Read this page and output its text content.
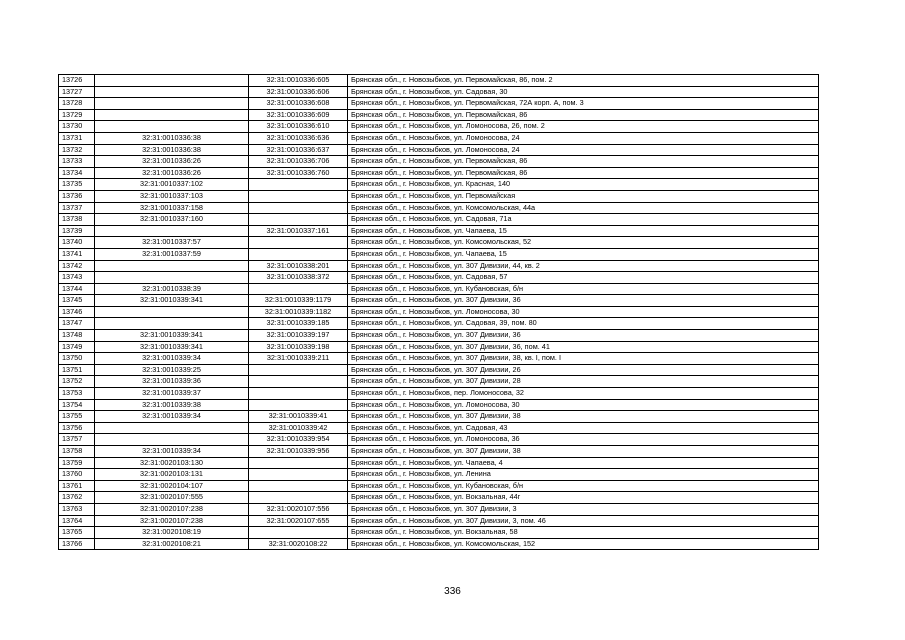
13726		32:31:0010336:605	Брянская обл., г. Новозыбков, ул. Первомайская, 86, пом. 2
13727		32:31:0010336:606	Брянская обл., г. Новозыбков, ул. Садовая, 30
13728		32:31:0010336:608	Брянская обл., г. Новозыбков, ул. Первомайская, 72А корп. А, пом. 3
13729		32:31:0010336:609	Брянская обл., г. Новозыбков, ул. Первомайская, 86
13730		32:31:0010336:610	Брянская обл., г. Новозыбков, ул. Ломоносова, 26, пом. 2
13731	32:31:0010336:38	32:31:0010336:636	Брянская обл., г. Новозыбков, ул. Ломоносова, 24
13732	32:31:0010336:38	32:31:0010336:637	Брянская обл., г. Новозыбков, ул. Ломоносова, 24
13733	32:31:0010336:26	32:31:0010336:706	Брянская обл., г. Новозыбков, ул. Первомайская, 86
13734	32:31:0010336:26	32:31:0010336:760	Брянская обл., г. Новозыбков, ул. Первомайская, 86
13735	32:31:0010337:102		Брянская обл., г. Новозыбков, ул. Красная, 140
13736	32:31:0010337:103		Брянская обл., г. Новозыбков, ул. Первомайская
13737	32:31:0010337:158		Брянская обл., г. Новозыбков, ул. Комсомольская, 44а
13738	32:31:0010337:160		Брянская обл., г. Новозыбков, ул. Садовая, 71а
13739		32:31:0010337:161	Брянская обл., г. Новозыбков, ул. Чапаева, 15
13740	32:31:0010337:57		Брянская обл., г. Новозыбков, ул. Комсомольская, 52
13741	32:31:0010337:59		Брянская обл., г. Новозыбков, ул. Чапаева, 15
13742		32:31:0010338:201	Брянская обл., г. Новозыбков, ул. 307 Дивизии, 44, кв. 2
13743		32:31:0010338:372	Брянская обл., г. Новозыбков, ул. Садовая, 57
13744	32:31:0010338:39		Брянская обл., г. Новозыбков, ул. Кубановская, б/н
13745	32:31:0010339:341	32:31:0010339:1179	Брянская обл., г. Новозыбков, ул. 307 Дивизии, 36
13746		32:31:0010339:1182	Брянская обл., г. Новозыбков, ул. Ломоносова, 30
13747		32:31:0010339:185	Брянская обл., г. Новозыбков, ул. Садовая, 39, пом. 80
13748	32:31:0010339:341	32:31:0010339:197	Брянская обл., г. Новозыбков, ул. 307 Дивизии, 36
13749	32:31:0010339:341	32:31:0010339:198	Брянская обл., г. Новозыбков, ул. 307 Дивизии, 36, пом. 41
13750	32:31:0010339:34	32:31:0010339:211	Брянская обл., г. Новозыбков, ул. 307 Дивизии, 38, кв. I, пом. I
13751	32:31:0010339:25		Брянская обл., г. Новозыбков, ул. 307 Дивизии, 26
13752	32:31:0010339:36		Брянская обл., г. Новозыбков, ул. 307 Дивизии, 28
13753	32:31:0010339:37		Брянская обл., г. Новозыбков, пер. Ломоносова, 32
13754	32:31:0010339:38		Брянская обл., г. Новозыбков, ул. Ломоносова, 30
13755	32:31:0010339:34	32:31:0010339:41	Брянская обл., г. Новозыбков, ул. 307 Дивизии, 38
13756		32:31:0010339:42	Брянская обл., г. Новозыбков, ул. Садовая, 43
13757		32:31:0010339:954	Брянская обл., г. Новозыбков, ул. Ломоносова, 36
13758	32:31:0010339:34	32:31:0010339:956	Брянская обл., г. Новозыбков, ул. 307 Дивизии, 38
13759	32:31:0020103:130		Брянская обл., г. Новозыбков, ул. Чапаева, 4
13760	32:31:0020103:131		Брянская обл., г. Новозыбков, ул. Ленина
13761	32:31:0020104:107		Брянская обл., г. Новозыбков, ул. Кубановская, б/н
13762	32:31:0020107:555		Брянская обл., г. Новозыбков, ул. Вокзальная, 44г
13763	32:31:0020107:238	32:31:0020107:556	Брянская обл., г. Новозыбков, ул. 307 Дивизии, 3
13764	32:31:0020107:238	32:31:0020107:655	Брянская обл., г. Новозыбков, ул. 307 Дивизии, 3, пом. 46
13765	32:31:0020108:19		Брянская обл., г. Новозыбков, ул. Вокзальная, 58
13766	32:31:0020108:21	32:31:0020108:22	Брянская обл., г. Новозыбков, ул. Комсомольская, 152
336
